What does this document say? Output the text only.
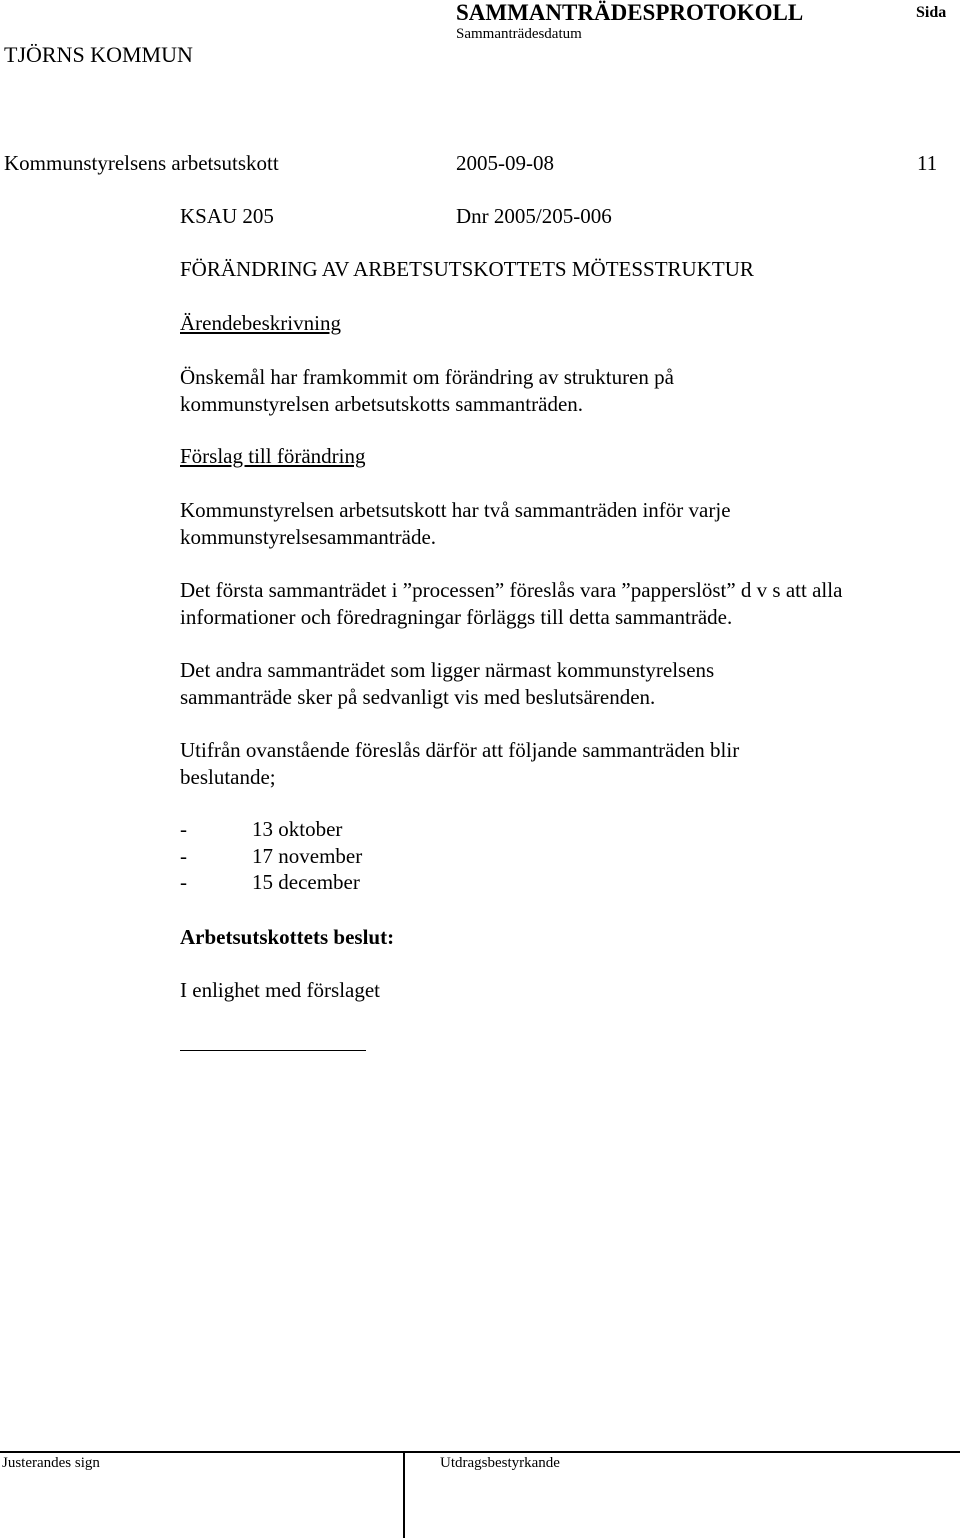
TJÖRNS KOMMUN
SAMMANTRÄDESPROTOKOLL	Sida
Sammanträdesdatum
Kommunstyrelsens arbetsutskott	2005-09-08	11
KSAU 205	Dnr 2005/205-006
FÖRÄNDRING AV ARBETSUTSKOTTETS MÖTESSTRUKTUR
Ärendebeskrivning
Önskemål har framkommit om förändring av strukturen på kommunstyrelsen arbetsutskotts sammanträden.
Förslag till förändring
Kommunstyrelsen arbetsutskott har två sammanträden inför varje kommunstyrelsesammanträde.
Det första sammanträdet i ”processen” föreslås vara ”papperslöst” d v s att alla informationer och föredragningar förläggs till detta sammanträde.
Det andra sammanträdet som ligger närmast kommunstyrelsens sammanträde sker på sedvanligt vis med beslutsärenden.
Utifrån ovanstående föreslås därför att följande sammanträden blir beslutande;
-	13 oktober
-	17 november
-	15 december
Arbetsutskottets beslut:
I enlighet med förslaget
Justerandes sign	Utdragsbestyrkande
